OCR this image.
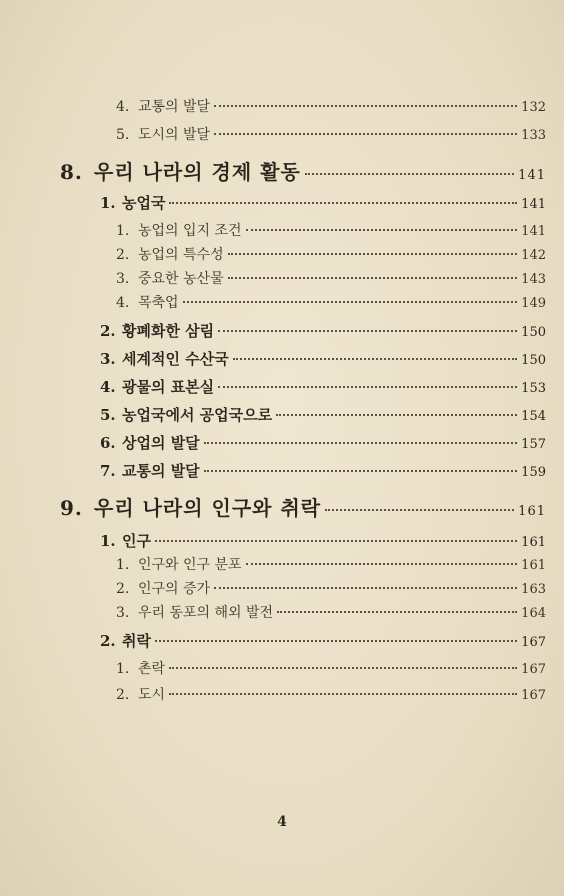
4. 교통의 발달	132
5. 도시의 발달	133
8. 우리 나라의 경제 활동	141
1. 농업국	141
1. 농업의 입지 조건	141
2. 농업의 특수성	142
3. 중요한 농산물	143
4. 목축업	149
2. 황폐화한 삼림	150
3. 세계적인 수산국	150
4. 광물의 표본실	153
5. 농업국에서 공업국으로	154
6. 상업의 발달	157
7. 교통의 발달	159
9. 우리 나라의 인구와 취락	161
1. 인구	161
1. 인구와 인구 분포	161
2. 인구의 증가	163
3. 우리 동포의 해외 발전	164
2. 취락	167
1. 촌락	167
2. 도시	167
4
